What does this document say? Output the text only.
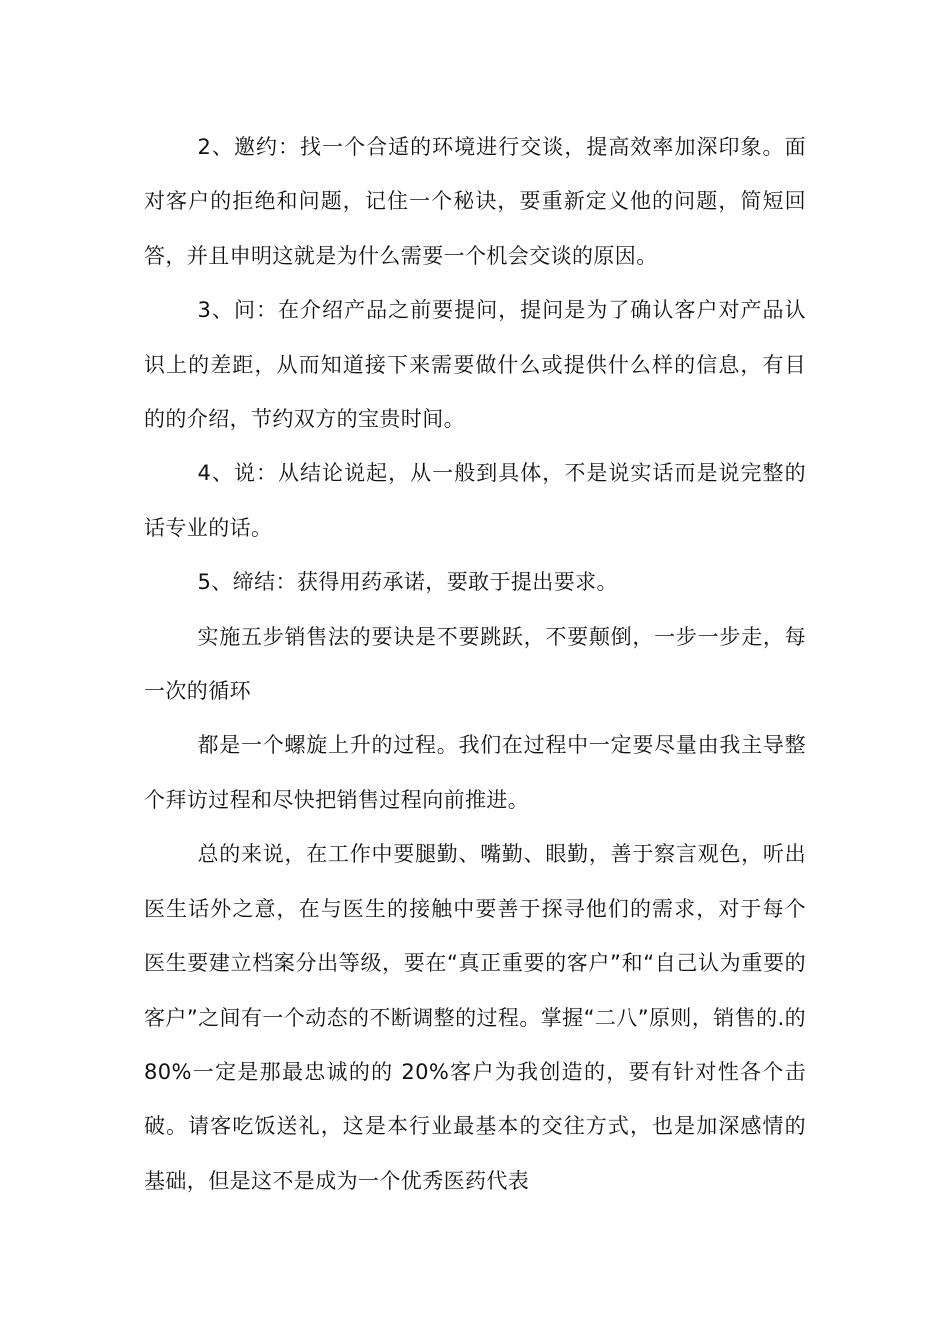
2、邀约：找一个合适的环境进行交谈，提高效率加深印象。面对客户的拒绝和问题，记住一个秘诀，要重新定义他的问题，简短回答，并且申明这就是为什么需要一个机会交谈的原因。

3、问：在介绍产品之前要提问，提问是为了确认客户对产品认识上的差距，从而知道接下来需要做什么或提供什么样的信息，有目的的介绍，节约双方的宝贵时间。

4、说：从结论说起，从一般到具体，不是说实话而是说完整的话专业的话。

5、缔结：获得用药承诺，要敢于提出要求。

实施五步销售法的要诀是不要跳跃，不要颠倒，一步一步走，每一次的循环

都是一个螺旋上升的过程。我们在过程中一定要尽量由我主导整个拜访过程和尽快把销售过程向前推进。

总的来说，在工作中要腿勤、嘴勤、眼勤，善于察言观色，听出医生话外之意，在与医生的接触中要善于探寻他们的需求，对于每个医生要建立档案分出等级，要在“真正重要的客户”和“自己认为重要的客户”之间有一个动态的不断调整的过程。掌握“二八”原则，销售的.的 80%一定是那最忠诚的的 20%客户为我创造的，要有针对性各个击破。请客吃饭送礼，这是本行业最基本的交往方式，也是加深感情的基础，但是这不是成为一个优秀医药代表
